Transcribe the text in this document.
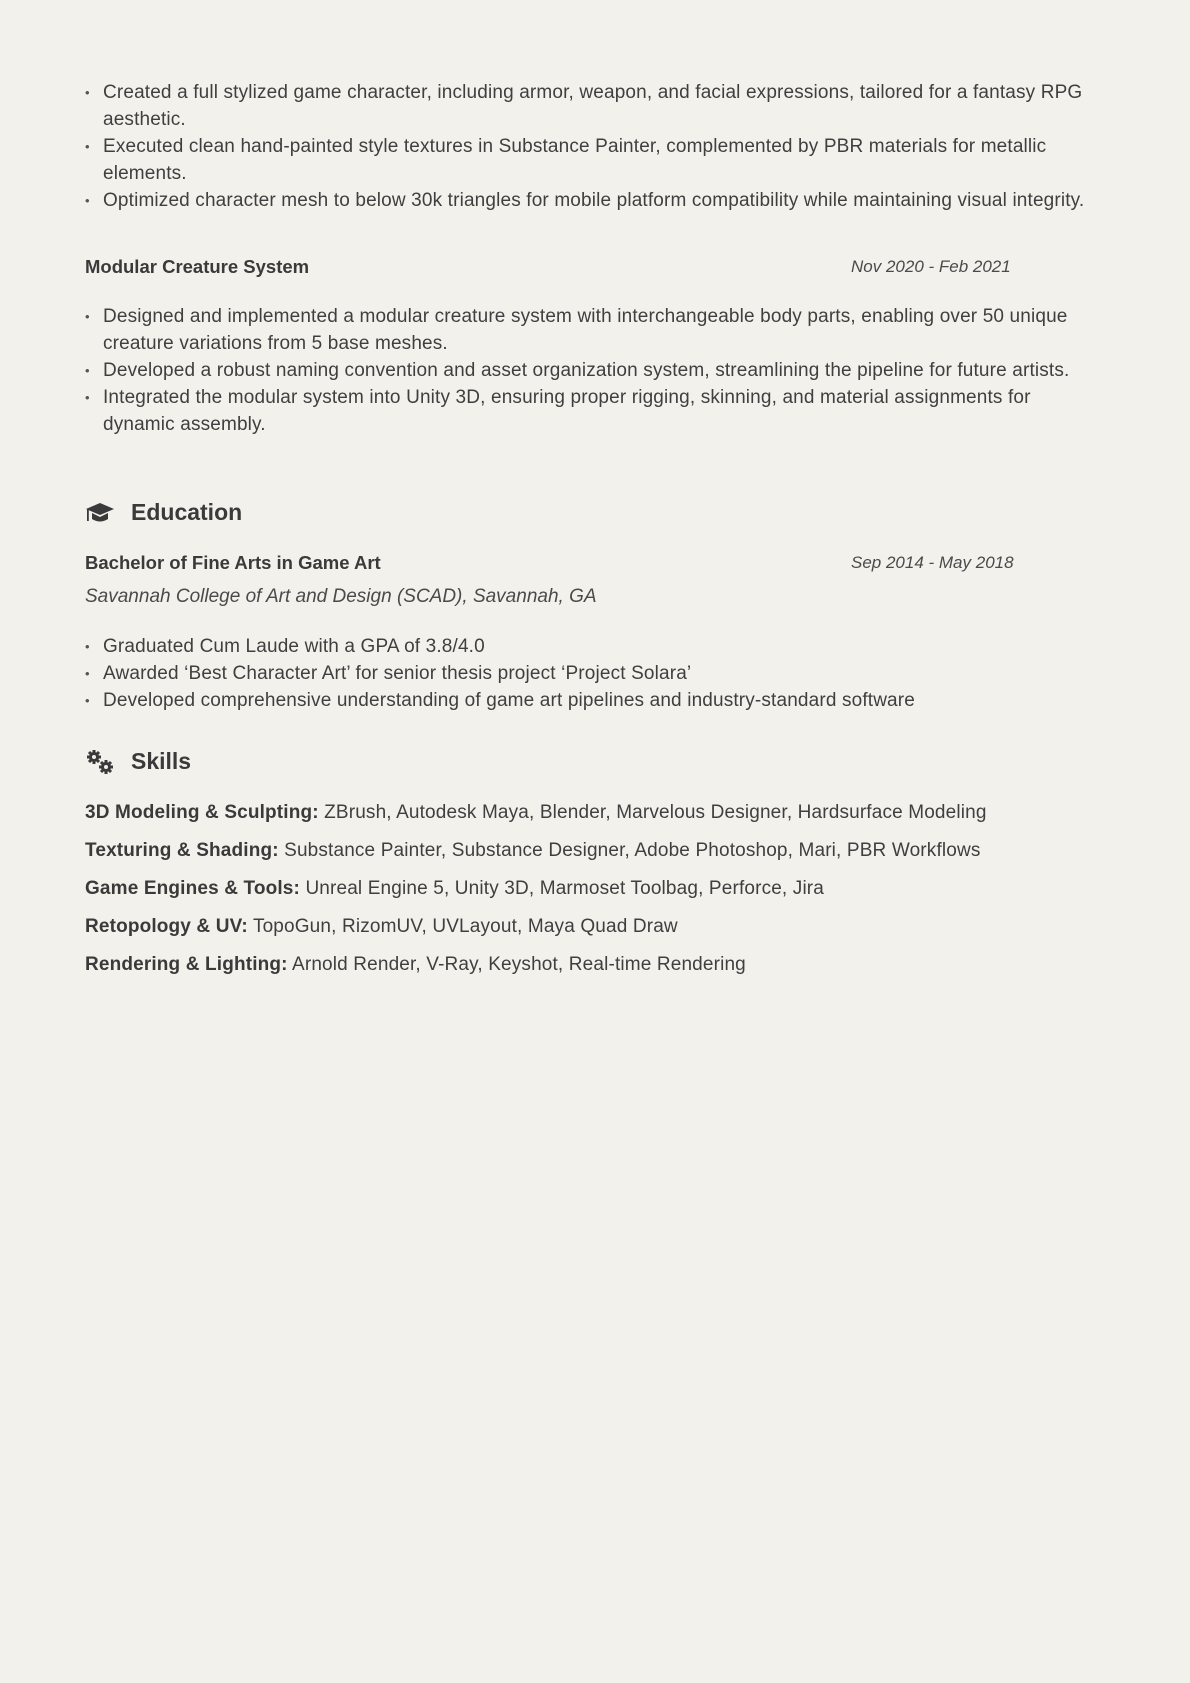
• Created a full stylized game character, including armor, weapon, and facial expressions, tailored for a fantasy RPG aesthetic.
• Executed clean hand-painted style textures in Substance Painter, complemented by PBR materials for metallic elements.
• Optimized character mesh to below 30k triangles for mobile platform compatibility while maintaining visual integrity.
Modular Creature System	Nov 2020 - Feb 2021
• Designed and implemented a modular creature system with interchangeable body parts, enabling over 50 unique creature variations from 5 base meshes.
• Developed a robust naming convention and asset organization system, streamlining the pipeline for future artists.
• Integrated the modular system into Unity 3D, ensuring proper rigging, skinning, and material assignments for dynamic assembly.
Education
Bachelor of Fine Arts in Game Art	Sep 2014 - May 2018
Savannah College of Art and Design (SCAD), Savannah, GA
• Graduated Cum Laude with a GPA of 3.8/4.0
• Awarded ‘Best Character Art’ for senior thesis project ‘Project Solara’
• Developed comprehensive understanding of game art pipelines and industry-standard software
Skills
3D Modeling & Sculpting: ZBrush, Autodesk Maya, Blender, Marvelous Designer, Hardsurface Modeling
Texturing & Shading: Substance Painter, Substance Designer, Adobe Photoshop, Mari, PBR Workflows
Game Engines & Tools: Unreal Engine 5, Unity 3D, Marmoset Toolbag, Perforce, Jira
Retopology & UV: TopoGun, RizomUV, UVLayout, Maya Quad Draw
Rendering & Lighting: Arnold Render, V-Ray, Keyshot, Real-time Rendering
